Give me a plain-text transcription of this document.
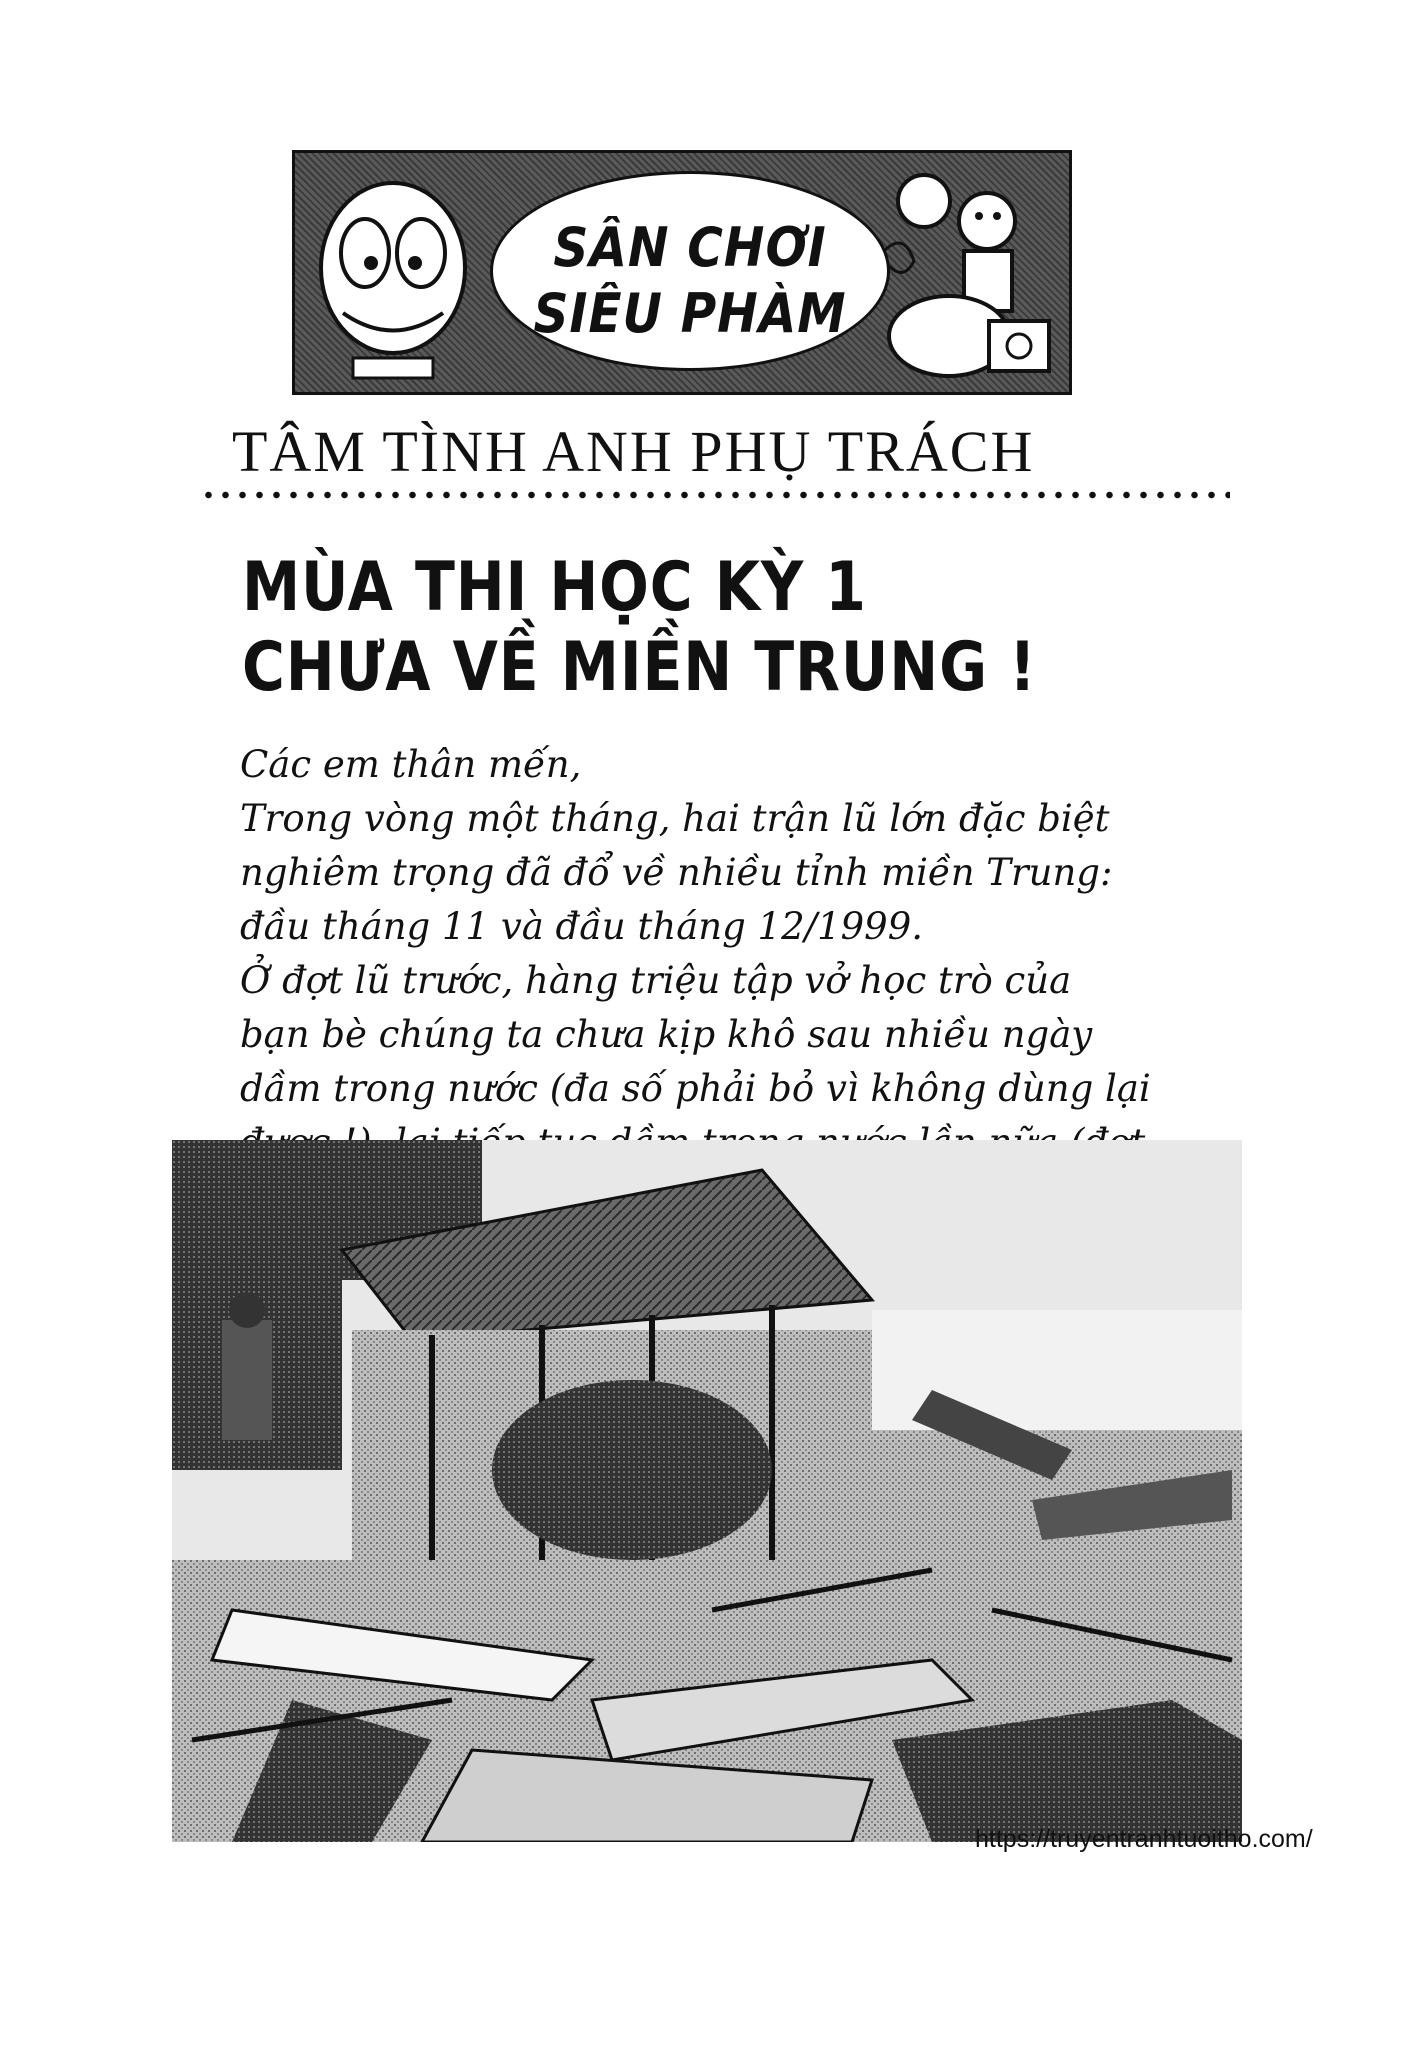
SÂN CHƠI
SIÊU PHÀM
TÂM TÌNH ANH PHỤ TRÁCH
MÙA THI HỌC KỲ 1
CHƯA VỀ MIỀN TRUNG !

Các em thân mến,

Trong vòng một tháng, hai trận lũ lớn đặc biệt

nghiêm trọng đã đổ về nhiều tỉnh miền Trung:

đầu tháng 11 và đầu tháng 12/1999.

Ở đợt lũ trước, hàng triệu tập vở học trò của

bạn bè chúng ta chưa kịp khô sau nhiều ngày

dầm trong nước (đa số phải bỏ vì không dùng lại

https://truyentranhtuoitho.com/
